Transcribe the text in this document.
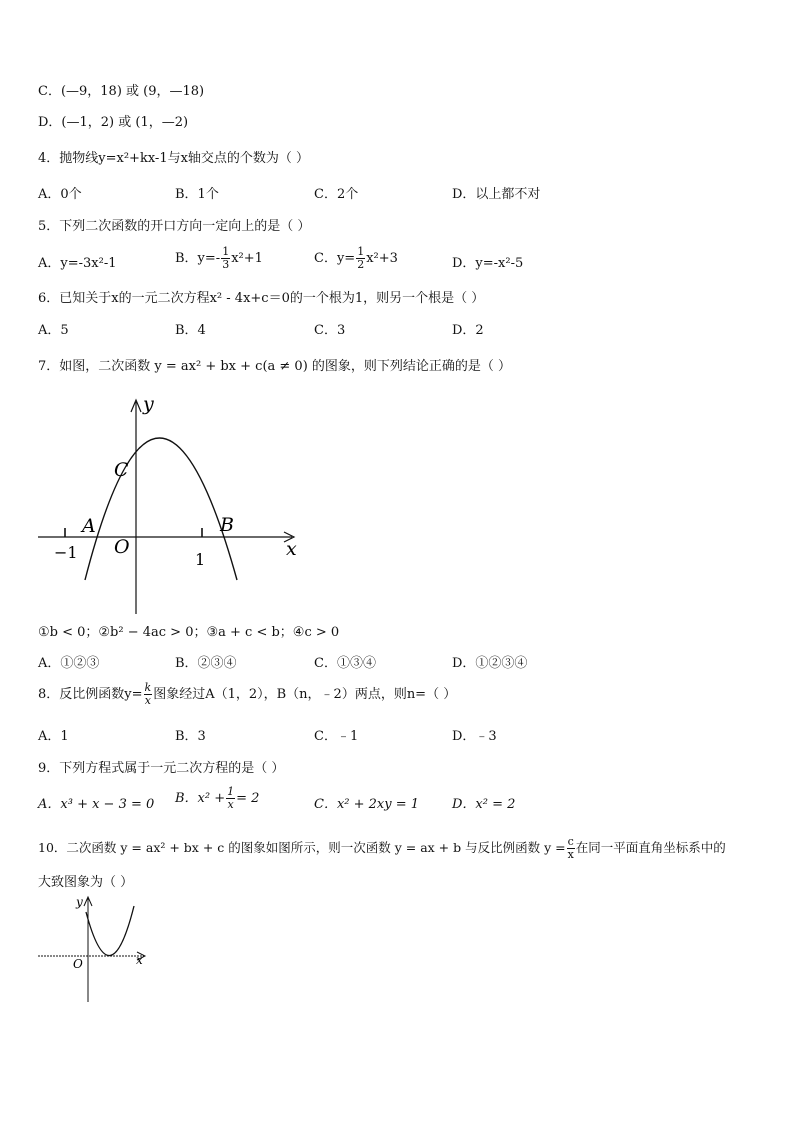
C．(—9，18) 或 (9，—18)
D．(—1，2) 或 (1，—2)
4．抛物线y=x²+kx-1与x轴交点的个数为（ ）
A．0个	B．1个	C．2个	D．以上都不对
5．下列二次函数的开口方向一定向上的是（ ）
A．y=-3x²-1	B．$y=- \frac{1}{3} x^2+1$	C．$y= \frac{1}{2} x^2+3$	D．y=-x²-5
6．已知关于x的一元二次方程x² - 4x+c＝0的一个根为1，则另一个根是（ ）
A．5	B．4	C．3	D．2
7．如图，二次函数 y = ax² + bx + c(a ≠ 0) 的图象，则下列结论正确的是（ ）
y
x
C
A	B
O
−1	1
①b < 0；②b² − 4ac > 0；③a + c < b；④c > 0
A．①②③	B．②③④	C．①③④	D．①②③④
8．反比例函数$y= \frac{k}{x}$ 图象经过A（1，2），B（n，﹣2）两点，则n=（ ）
A．1	B．3	C．﹣1	D．﹣3
9．下列方程式属于一元二次方程的是（ ）
A．x³ + x − 3 = 0 B．$x^2 + \frac{1}{x} = 2$	C．x² + 2xy = 1	D．x² = 2
10．二次函数 y = ax² + bx + c 的图象如图所示，则一次函数 y = ax + b 与反比例函数 $y = \frac{c}{x}$ 在同一平面直角坐标系中的
大致图象为（ ）
y
x
O
